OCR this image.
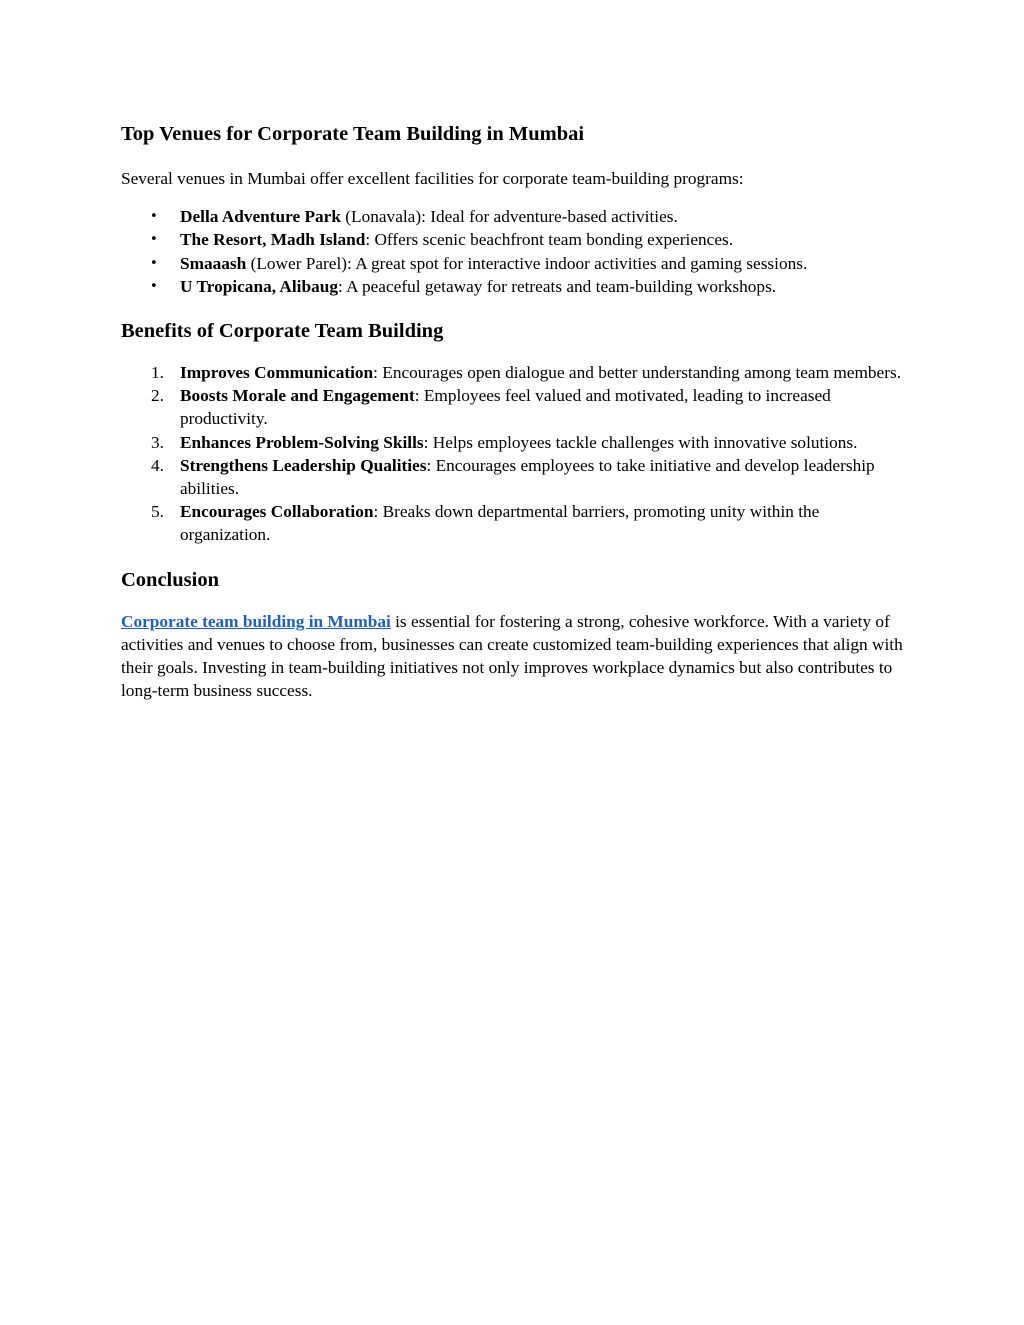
Top Venues for Corporate Team Building in Mumbai

Several venues in Mumbai offer excellent facilities for corporate team-building programs:

• Della Adventure Park (Lonavala): Ideal for adventure-based activities.
• The Resort, Madh Island: Offers scenic beachfront team bonding experiences.
• Smaaash (Lower Parel): A great spot for interactive indoor activities and gaming sessions.
• U Tropicana, Alibaug: A peaceful getaway for retreats and team-building workshops.
Benefits of Corporate Team Building
1. Improves Communication: Encourages open dialogue and better understanding among team members.
2. Boosts Morale and Engagement: Employees feel valued and motivated, leading to increased productivity.
3. Enhances Problem-Solving Skills: Helps employees tackle challenges with innovative solutions.
4. Strengthens Leadership Qualities: Encourages employees to take initiative and develop leadership abilities.
5. Encourages Collaboration: Breaks down departmental barriers, promoting unity within the organization.
Conclusion

Corporate team building in Mumbai is essential for fostering a strong, cohesive workforce. With a variety of activities and venues to choose from, businesses can create customized team-building experiences that align with their goals. Investing in team-building initiatives not only improves workplace dynamics but also contributes to long-term business success.
